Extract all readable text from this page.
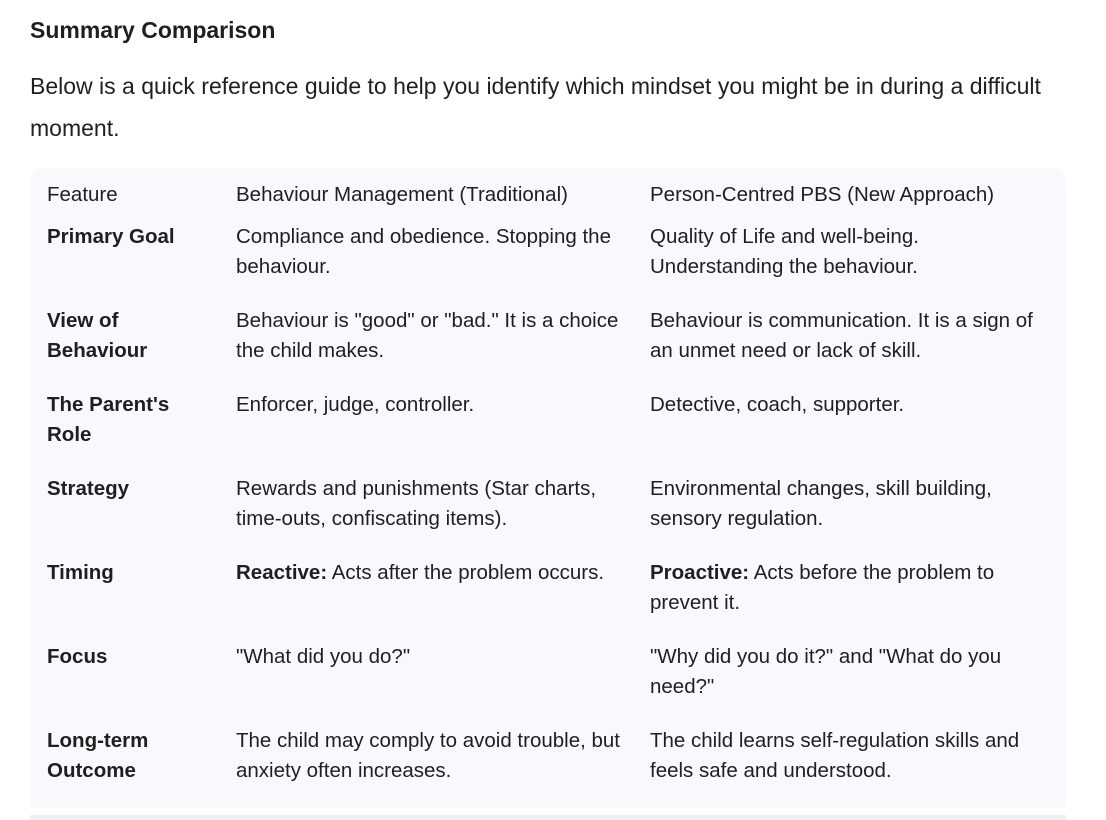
Summary Comparison

Below is a quick reference guide to help you identify which mindset you might be in during a difficult moment.

Feature	Behaviour Management (Traditional)	Person-Centred PBS (New Approach)
Primary Goal	Compliance and obedience. Stopping the behaviour.	Quality of Life and well-being. Understanding the behaviour.
View of Behaviour	Behaviour is "good" or "bad." It is a choice the child makes.	Behaviour is communication. It is a sign of an unmet need or lack of skill.
The Parent's Role	Enforcer, judge, controller.	Detective, coach, supporter.
Strategy	Rewards and punishments (Star charts, time-outs, confiscating items).	Environmental changes, skill building, sensory regulation.
Timing	Reactive: Acts after the problem occurs.	Proactive: Acts before the problem to prevent it.
Focus	"What did you do?"	"Why did you do it?" and "What do you need?"
Long-term Outcome	The child may comply to avoid trouble, but anxiety often increases.	The child learns self-regulation skills and feels safe and understood.
